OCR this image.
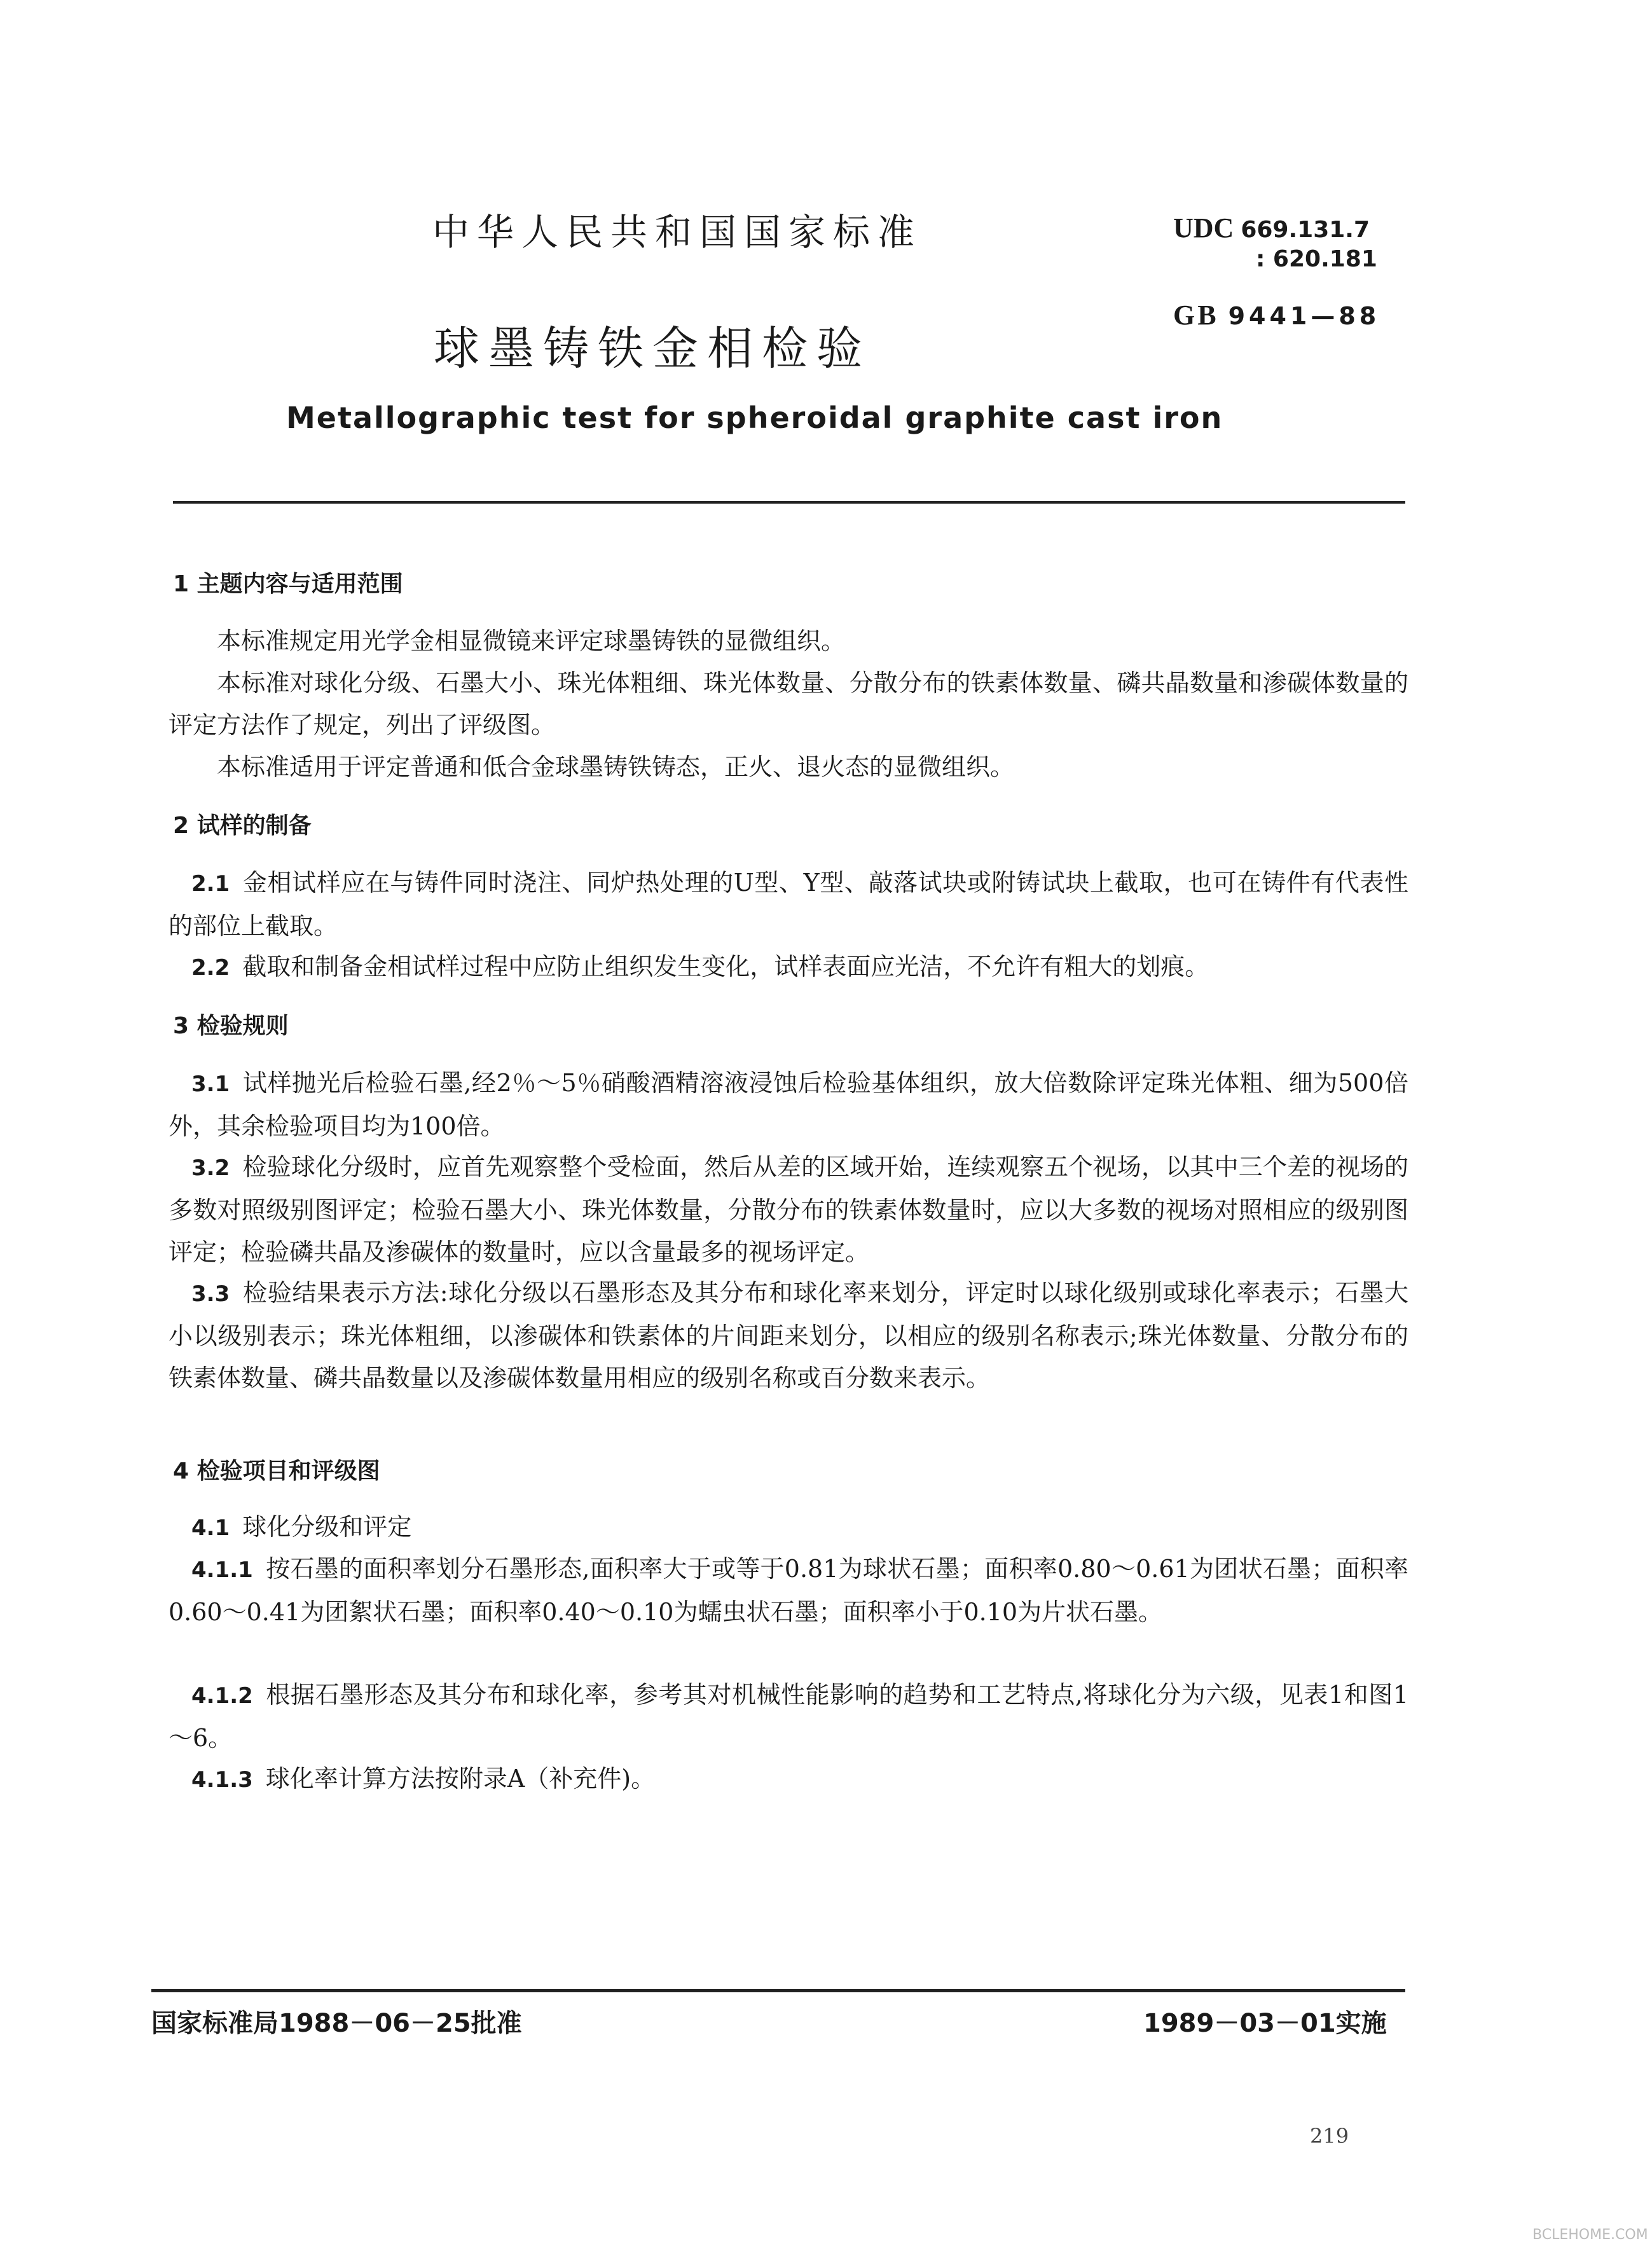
中华人民共和国国家标准	UDC 669.131.7
: 620.181
GB 9441—88
球墨铸铁金相检验
Metallographic test for spheroidal graphite cast iron
1 主题内容与适用范围
本标准规定用光学金相显微镜来评定球墨铸铁的显微组织。
本标准对球化分级、石墨大小、珠光体粗细、珠光体数量、分散分布的铁素体数量、磷共晶数量和渗碳体数量的评定方法作了规定，列出了评级图。
本标准适用于评定普通和低合金球墨铸铁铸态，正火、退火态的显微组织。
2 试样的制备
2.1 金相试样应在与铸件同时浇注、同炉热处理的U型、Y型、敲落试块或附铸试块上截取，也可在铸件有代表性的部位上截取。
2.2 截取和制备金相试样过程中应防止组织发生变化，试样表面应光洁，不允许有粗大的划痕。
3 检验规则
3.1 试样抛光后检验石墨,经2％～5％硝酸酒精溶液浸蚀后检验基体组织，放大倍数除评定珠光体粗、细为500倍外，其余检验项目均为100倍。
3.2 检验球化分级时，应首先观察整个受检面，然后从差的区域开始，连续观察五个视场，以其中三个差的视场的多数对照级别图评定；检验石墨大小、珠光体数量，分散分布的铁素体数量时，应以大多数的视场对照相应的级别图评定；检验磷共晶及渗碳体的数量时，应以含量最多的视场评定。
3.3 检验结果表示方法:球化分级以石墨形态及其分布和球化率来划分，评定时以球化级别或球化率表示；石墨大小以级别表示；珠光体粗细，以渗碳体和铁素体的片间距来划分，以相应的级别名称表示;珠光体数量、分散分布的铁素体数量、磷共晶数量以及渗碳体数量用相应的级别名称或百分数来表示。
4 检验项目和评级图
4.1 球化分级和评定
4.1.1 按石墨的面积率划分石墨形态,面积率大于或等于0.81为球状石墨；面积率0.80～0.61为团状石墨；面积率0.60～0.41为团絮状石墨；面积率0.40～0.10为蠕虫状石墨；面积率小于0.10为片状石墨。
4.1.2 根据石墨形态及其分布和球化率，参考其对机械性能影响的趋势和工艺特点,将球化分为六级，见表1和图1～6。
4.1.3 球化率计算方法按附录A（补充件)。
国家标准局1988－06－25批准	1989－03－01实施
219
BCLEHOME.COM
